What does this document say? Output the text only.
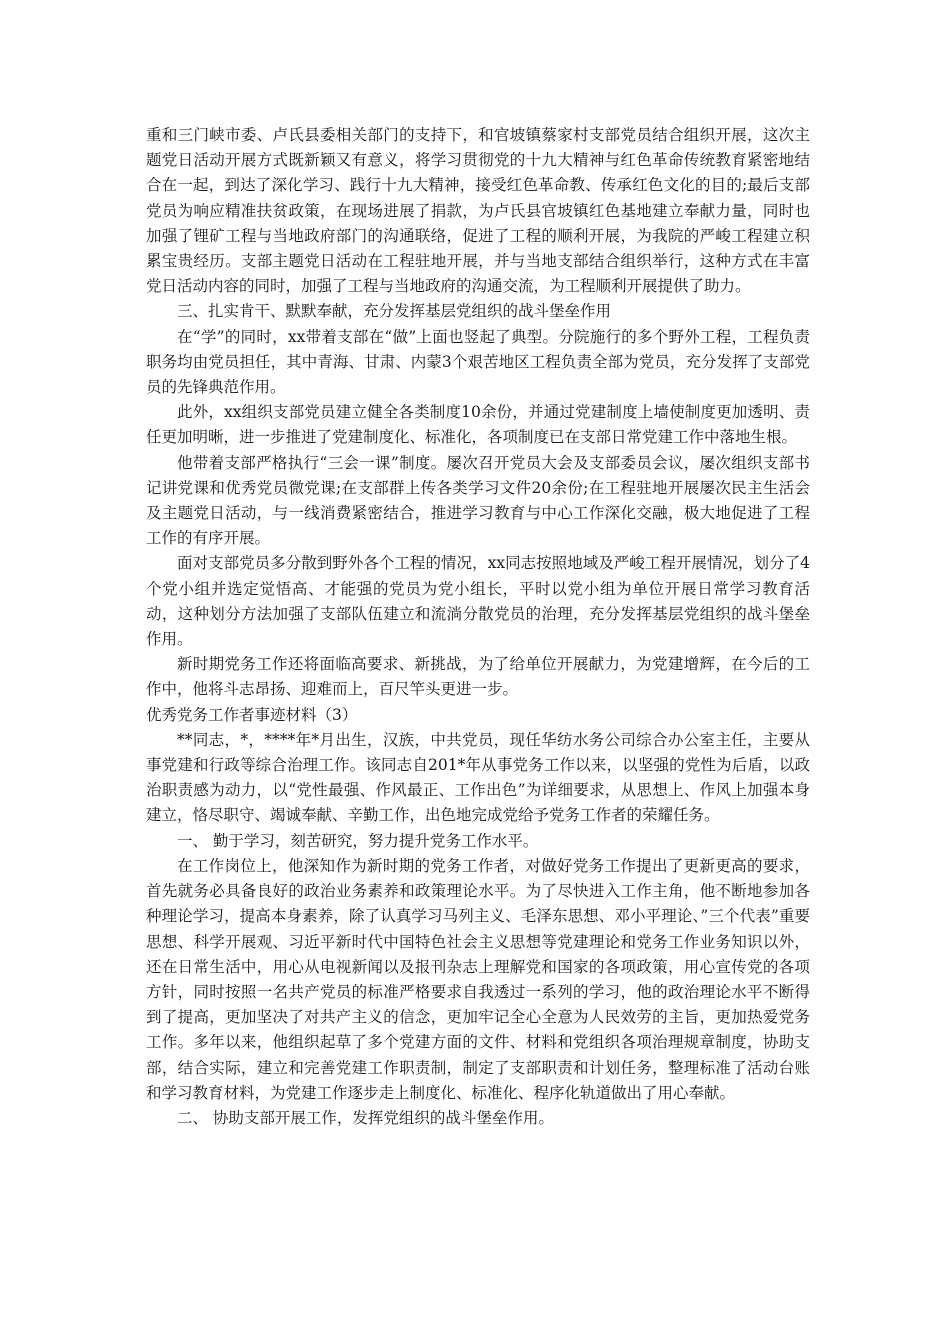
重和三门峡市委、卢氏县委相关部门的支持下，和官坡镇蔡家村支部党员结合组织开展，这次主题党日活动开展方式既新颖又有意义，将学习贯彻党的十九大精神与红色革命传统教育紧密地结合在一起，到达了深化学习、践行十九大精神，接受红色革命教、传承红色文化的目的;最后支部党员为响应精准扶贫政策，在现场进展了捐款，为卢氏县官坡镇红色基地建立奉献力量，同时也加强了锂矿工程与当地政府部门的沟通联络，促进了工程的顺利开展，为我院的严峻工程建立积累宝贵经历。支部主题党日活动在工程驻地开展，并与当地支部结合组织举行，这种方式在丰富党日活动内容的同时，加强了工程与当地政府的沟通交流，为工程顺利开展提供了助力。

三、扎实肯干、默默奉献，充分发挥基层党组织的战斗堡垒作用

在“学”的同时，xx带着支部在“做”上面也竖起了典型。分院施行的多个野外工程，工程负责职务均由党员担任，其中青海、甘肃、内蒙3个艰苦地区工程负责全部为党员，充分发挥了支部党员的先锋典范作用。

此外，xx组织支部党员建立健全各类制度10余份，并通过党建制度上墙使制度更加透明、责任更加明晰，进一步推进了党建制度化、标准化，各项制度已在支部日常党建工作中落地生根。

他带着支部严格执行“三会一课”制度。屡次召开党员大会及支部委员会议，屡次组织支部书记讲党课和优秀党员微党课;在支部群上传各类学习文件20余份;在工程驻地开展屡次民主生活会及主题党日活动，与一线消费紧密结合，推进学习教育与中心工作深化交融，极大地促进了工程工作的有序开展。

面对支部党员多分散到野外各个工程的情况，xx同志按照地域及严峻工程开展情况，划分了4个党小组并选定觉悟高、才能强的党员为党小组长，平时以党小组为单位开展日常学习教育活动，这种划分方法加强了支部队伍建立和流淌分散党员的治理，充分发挥基层党组织的战斗堡垒作用。

新时期党务工作还将面临高要求、新挑战，为了给单位开展献力，为党建增辉，在今后的工作中，他将斗志昂扬、迎难而上，百尺竿头更进一步。

优秀党务工作者事迹材料（3）

**同志，*，****年*月出生，汉族，中共党员，现任华纺水务公司综合办公室主任，主要从事党建和行政等综合治理工作。该同志自201*年从事党务工作以来，以坚强的党性为后盾，以政治职责感为动力，以“党性最强、作风最正、工作出色”为详细要求，从思想上、作风上加强本身建立，恪尽职守、竭诚奉献、辛勤工作，出色地完成党给予党务工作者的荣耀任务。

一、 勤于学习，刻苦研究，努力提升党务工作水平。

在工作岗位上，他深知作为新时期的党务工作者，对做好党务工作提出了更新更高的要求，首先就务必具备良好的政治业务素养和政策理论水平。为了尽快进入工作主角，他不断地参加各种理论学习，提高本身素养，除了认真学习马列主义、毛泽东思想、邓小平理论、”三个代表”重要思想、科学开展观、习近平新时代中国特色社会主义思想等党建理论和党务工作业务知识以外，还在日常生活中，用心从电视新闻以及报刊杂志上理解党和国家的各项政策，用心宣传党的各项方针，同时按照一名共产党员的标准严格要求自我透过一系列的学习，他的政治理论水平不断得到了提高，更加坚决了对共产主义的信念，更加牢记全心全意为人民效劳的主旨，更加热爱党务工作。多年以来，他组织起草了多个党建方面的文件、材料和党组织各项治理规章制度，协助支部，结合实际，建立和完善党建工作职责制，制定了支部职责和计划任务，整理标准了活动台账和学习教育材料，为党建工作逐步走上制度化、标准化、程序化轨道做出了用心奉献。

二、 协助支部开展工作，发挥党组织的战斗堡垒作用。
